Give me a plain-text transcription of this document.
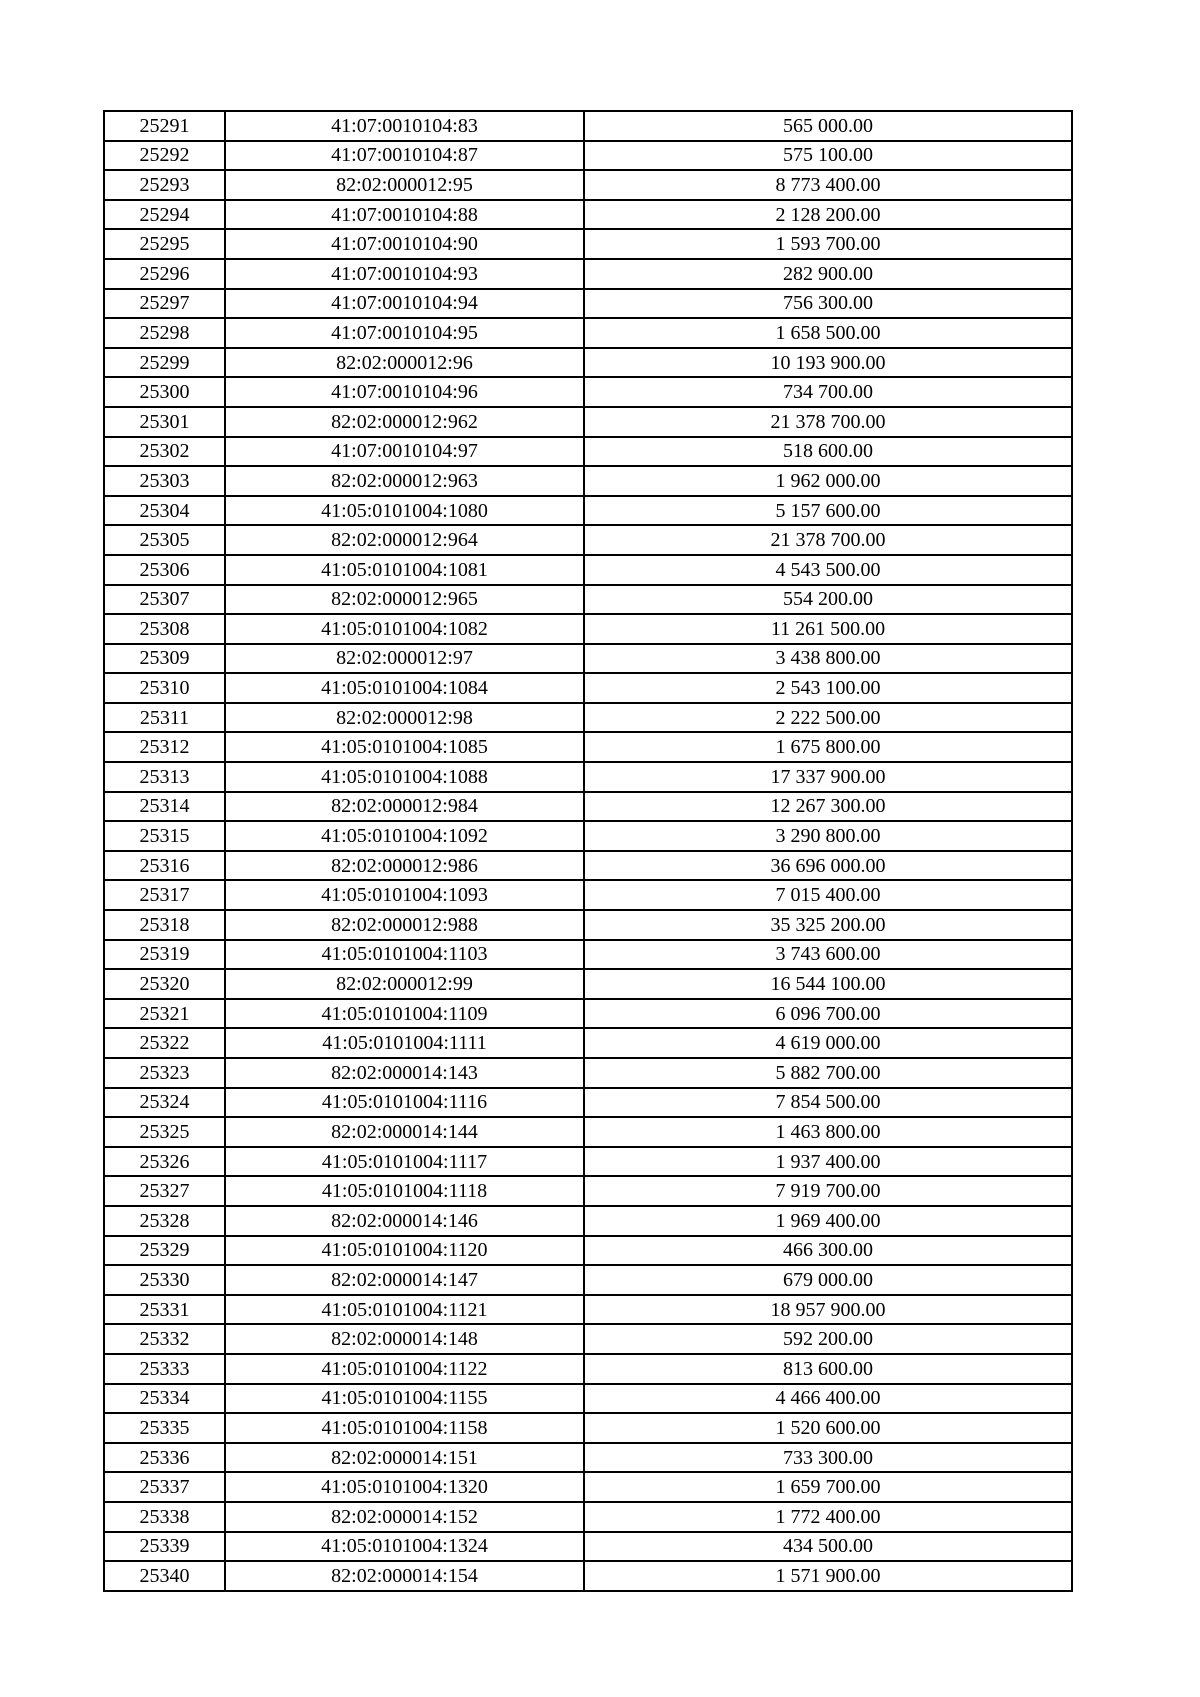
25291	41:07:0010104:83	565 000.00
25292	41:07:0010104:87	575 100.00
25293	82:02:000012:95	8 773 400.00
25294	41:07:0010104:88	2 128 200.00
25295	41:07:0010104:90	1 593 700.00
25296	41:07:0010104:93	282 900.00
25297	41:07:0010104:94	756 300.00
25298	41:07:0010104:95	1 658 500.00
25299	82:02:000012:96	10 193 900.00
25300	41:07:0010104:96	734 700.00
25301	82:02:000012:962	21 378 700.00
25302	41:07:0010104:97	518 600.00
25303	82:02:000012:963	1 962 000.00
25304	41:05:0101004:1080	5 157 600.00
25305	82:02:000012:964	21 378 700.00
25306	41:05:0101004:1081	4 543 500.00
25307	82:02:000012:965	554 200.00
25308	41:05:0101004:1082	11 261 500.00
25309	82:02:000012:97	3 438 800.00
25310	41:05:0101004:1084	2 543 100.00
25311	82:02:000012:98	2 222 500.00
25312	41:05:0101004:1085	1 675 800.00
25313	41:05:0101004:1088	17 337 900.00
25314	82:02:000012:984	12 267 300.00
25315	41:05:0101004:1092	3 290 800.00
25316	82:02:000012:986	36 696 000.00
25317	41:05:0101004:1093	7 015 400.00
25318	82:02:000012:988	35 325 200.00
25319	41:05:0101004:1103	3 743 600.00
25320	82:02:000012:99	16 544 100.00
25321	41:05:0101004:1109	6 096 700.00
25322	41:05:0101004:1111	4 619 000.00
25323	82:02:000014:143	5 882 700.00
25324	41:05:0101004:1116	7 854 500.00
25325	82:02:000014:144	1 463 800.00
25326	41:05:0101004:1117	1 937 400.00
25327	41:05:0101004:1118	7 919 700.00
25328	82:02:000014:146	1 969 400.00
25329	41:05:0101004:1120	466 300.00
25330	82:02:000014:147	679 000.00
25331	41:05:0101004:1121	18 957 900.00
25332	82:02:000014:148	592 200.00
25333	41:05:0101004:1122	813 600.00
25334	41:05:0101004:1155	4 466 400.00
25335	41:05:0101004:1158	1 520 600.00
25336	82:02:000014:151	733 300.00
25337	41:05:0101004:1320	1 659 700.00
25338	82:02:000014:152	1 772 400.00
25339	41:05:0101004:1324	434 500.00
25340	82:02:000014:154	1 571 900.00
